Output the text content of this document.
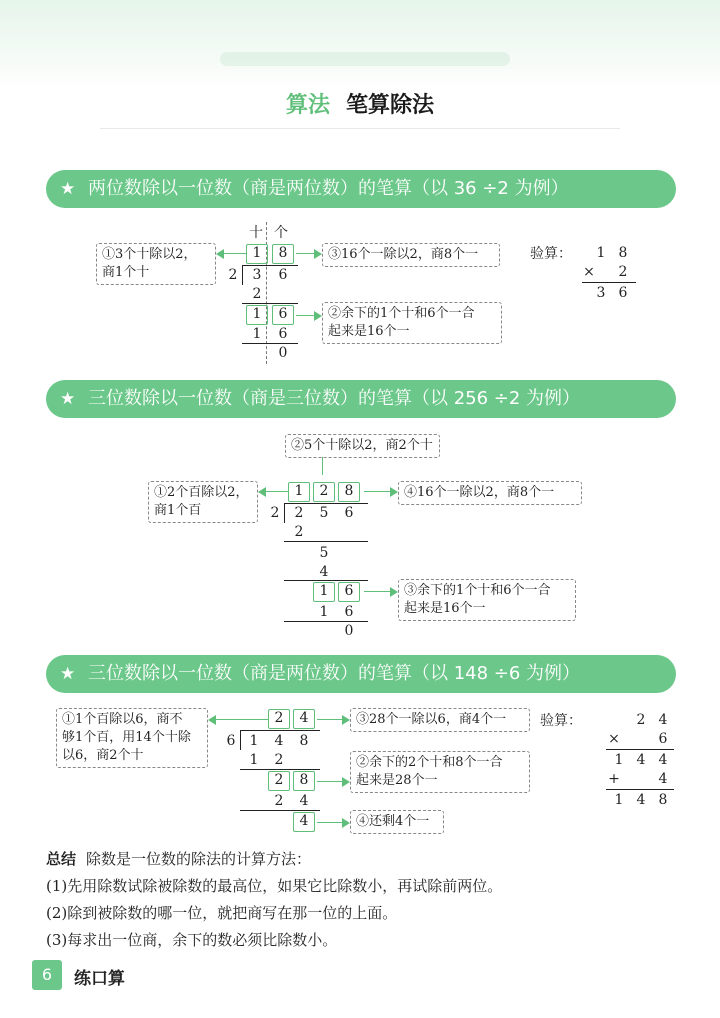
算法 笔算除法
★ 两位数除以一位数（商是两位数）的笔算（以 36 ÷2 为例）
十 个
1	8
2	3	6
2
1	6
1	6
0
①3个十除以2，
商1个十
③16个一除以2，商8个一
②余下的1个十和6个一合
起来是16个一
验算：	1 8
×	2
3 6
★ 三位数除以一位数（商是三位数）的笔算（以 256 ÷2 为例）
②5个十除以2，商2个十
1	2	8
2	2	5	6
2
5
4
1	6
1	6
0
①2个百除以2，
商1个百
④16个一除以2，商8个一
③余下的1个十和6个一合
起来是16个一
★ 三位数除以一位数（商是两位数）的笔算（以 148 ÷6 为例）
2	4
6	1	4	8
1	2
2	8
2	4
4
①1个百除以6，商不
够1个百，用14个十除
以6，商2个十
③28个一除以6，商4个一
②余下的2个十和8个一合
起来是28个一
④还剩4个一
验算：	2 4
×	6
1 4 4
+	4
1 4 8
总结 除数是一位数的除法的计算方法：
(1)先用除数试除被除数的最高位，如果它比除数小，再试除前两位。
(2)除到被除数的哪一位，就把商写在那一位的上面。
(3)每求出一位商，余下的数必须比除数小。
6	练口算
